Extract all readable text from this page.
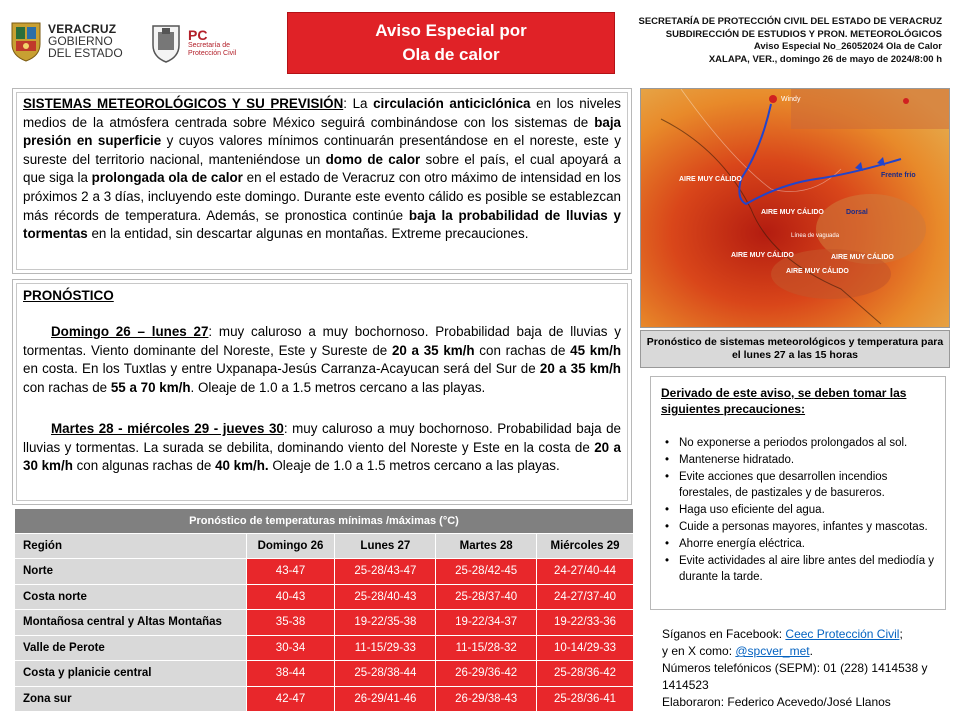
VERACRUZ
GOBIERNO
DEL ESTADO
PC
Secretaría de
Protección Civil
Aviso Especial por
Ola de calor
SECRETARÍA DE PROTECCIÓN CIVIL DEL ESTADO DE VERACRUZ
SUBDIRECCIÓN DE ESTUDIOS Y PRON. METEOROLÓGICOS
Aviso Especial No_26052024 Ola de Calor
XALAPA, VER., domingo 26 de mayo de 2024/8:00 h

SISTEMAS METEOROLÓGICOS Y SU PREVISIÓN: La circulación anticiclónica en los niveles medios de la atmósfera centrada sobre México seguirá combinándose con los sistemas de baja presión en superficie y cuyos valores mínimos continuarán presentándose en el noreste, este y sureste del territorio nacional, manteniéndose un domo de calor sobre el país, el cual apoyará a que siga la prolongada ola de calor en el estado de Veracruz con otro máximo de intensidad en los próximos 2 a 3 días, incluyendo este domingo. Durante este evento cálido es posible se establezcan más récords de temperatura. Además, se pronostica continúe baja la probabilidad de lluvias y tormentas en la entidad, sin descartar algunas en montañas. Extreme precauciones.

PRONÓSTICO

Domingo 26 – lunes 27: muy caluroso a muy bochornoso. Probabilidad baja de lluvias y tormentas. Viento dominante del Noreste, Este y Sureste de 20 a 35 km/h con rachas de 45 km/h en costa. En los Tuxtlas y entre Uxpanapa-Jesús Carranza-Acayucan será del Sur de 20 a 35 km/h con rachas de 55 a 70 km/h. Oleaje de 1.0 a 1.5 metros cercano a las playas.

Martes 28 - miércoles 29 - jueves 30: muy caluroso a muy bochornoso. Probabilidad baja de lluvias y tormentas. La surada se debilita, dominando viento del Noreste y Este en la costa de 20 a 30 km/h con algunas rachas de 40 km/h. Oleaje de 1.0 a 1.5 metros cercano a las playas.

Windy
AIRE MUY CÁLIDO
AIRE MUY CÁLIDO
AIRE MUY CÁLIDO
AIRE MUY CÁLIDO
AIRE MUY CÁLIDO
Frente frío
Dorsal
Línea de vaguada
Pronóstico de sistemas meteorológicos y temperatura para el lunes 27 a las 15 horas
Derivado de este aviso, se deben tomar las siguientes precauciones:
• No exponerse a periodos prolongados al sol.
• Mantenerse hidratado.
• Evite acciones que desarrollen incendios forestales, de pastizales y de basureros.
• Haga uso eficiente del agua.
• Cuide a personas mayores, infantes y mascotas.
• Ahorre energía eléctrica.
• Evite actividades al aire libre antes del mediodía y durante la tarde.
Síganos en Facebook: Ceec Protección Civil;
y en X como: @spcver_met.
Números telefónicos (SEPM): 01 (228) 1414538 y 1414523
Elaboraron: Federico Acevedo/José Llanos
Pronóstico de temperaturas mínimas /máximas (°C)				
Región	Domingo 26	Lunes 27	Martes 28	Miércoles 29
Norte	43-47	25-28/43-47	25-28/42-45	24-27/40-44
Costa norte	40-43	25-28/40-43	25-28/37-40	24-27/37-40
Montañosa central y Altas Montañas	35-38	19-22/35-38	19-22/34-37	19-22/33-36
Valle de Perote	30-34	11-15/29-33	11-15/28-32	10-14/29-33
Costa y planicie central	38-44	25-28/38-44	26-29/36-42	25-28/36-42
Zona sur	42-47	26-29/41-46	26-29/38-43	25-28/36-41
